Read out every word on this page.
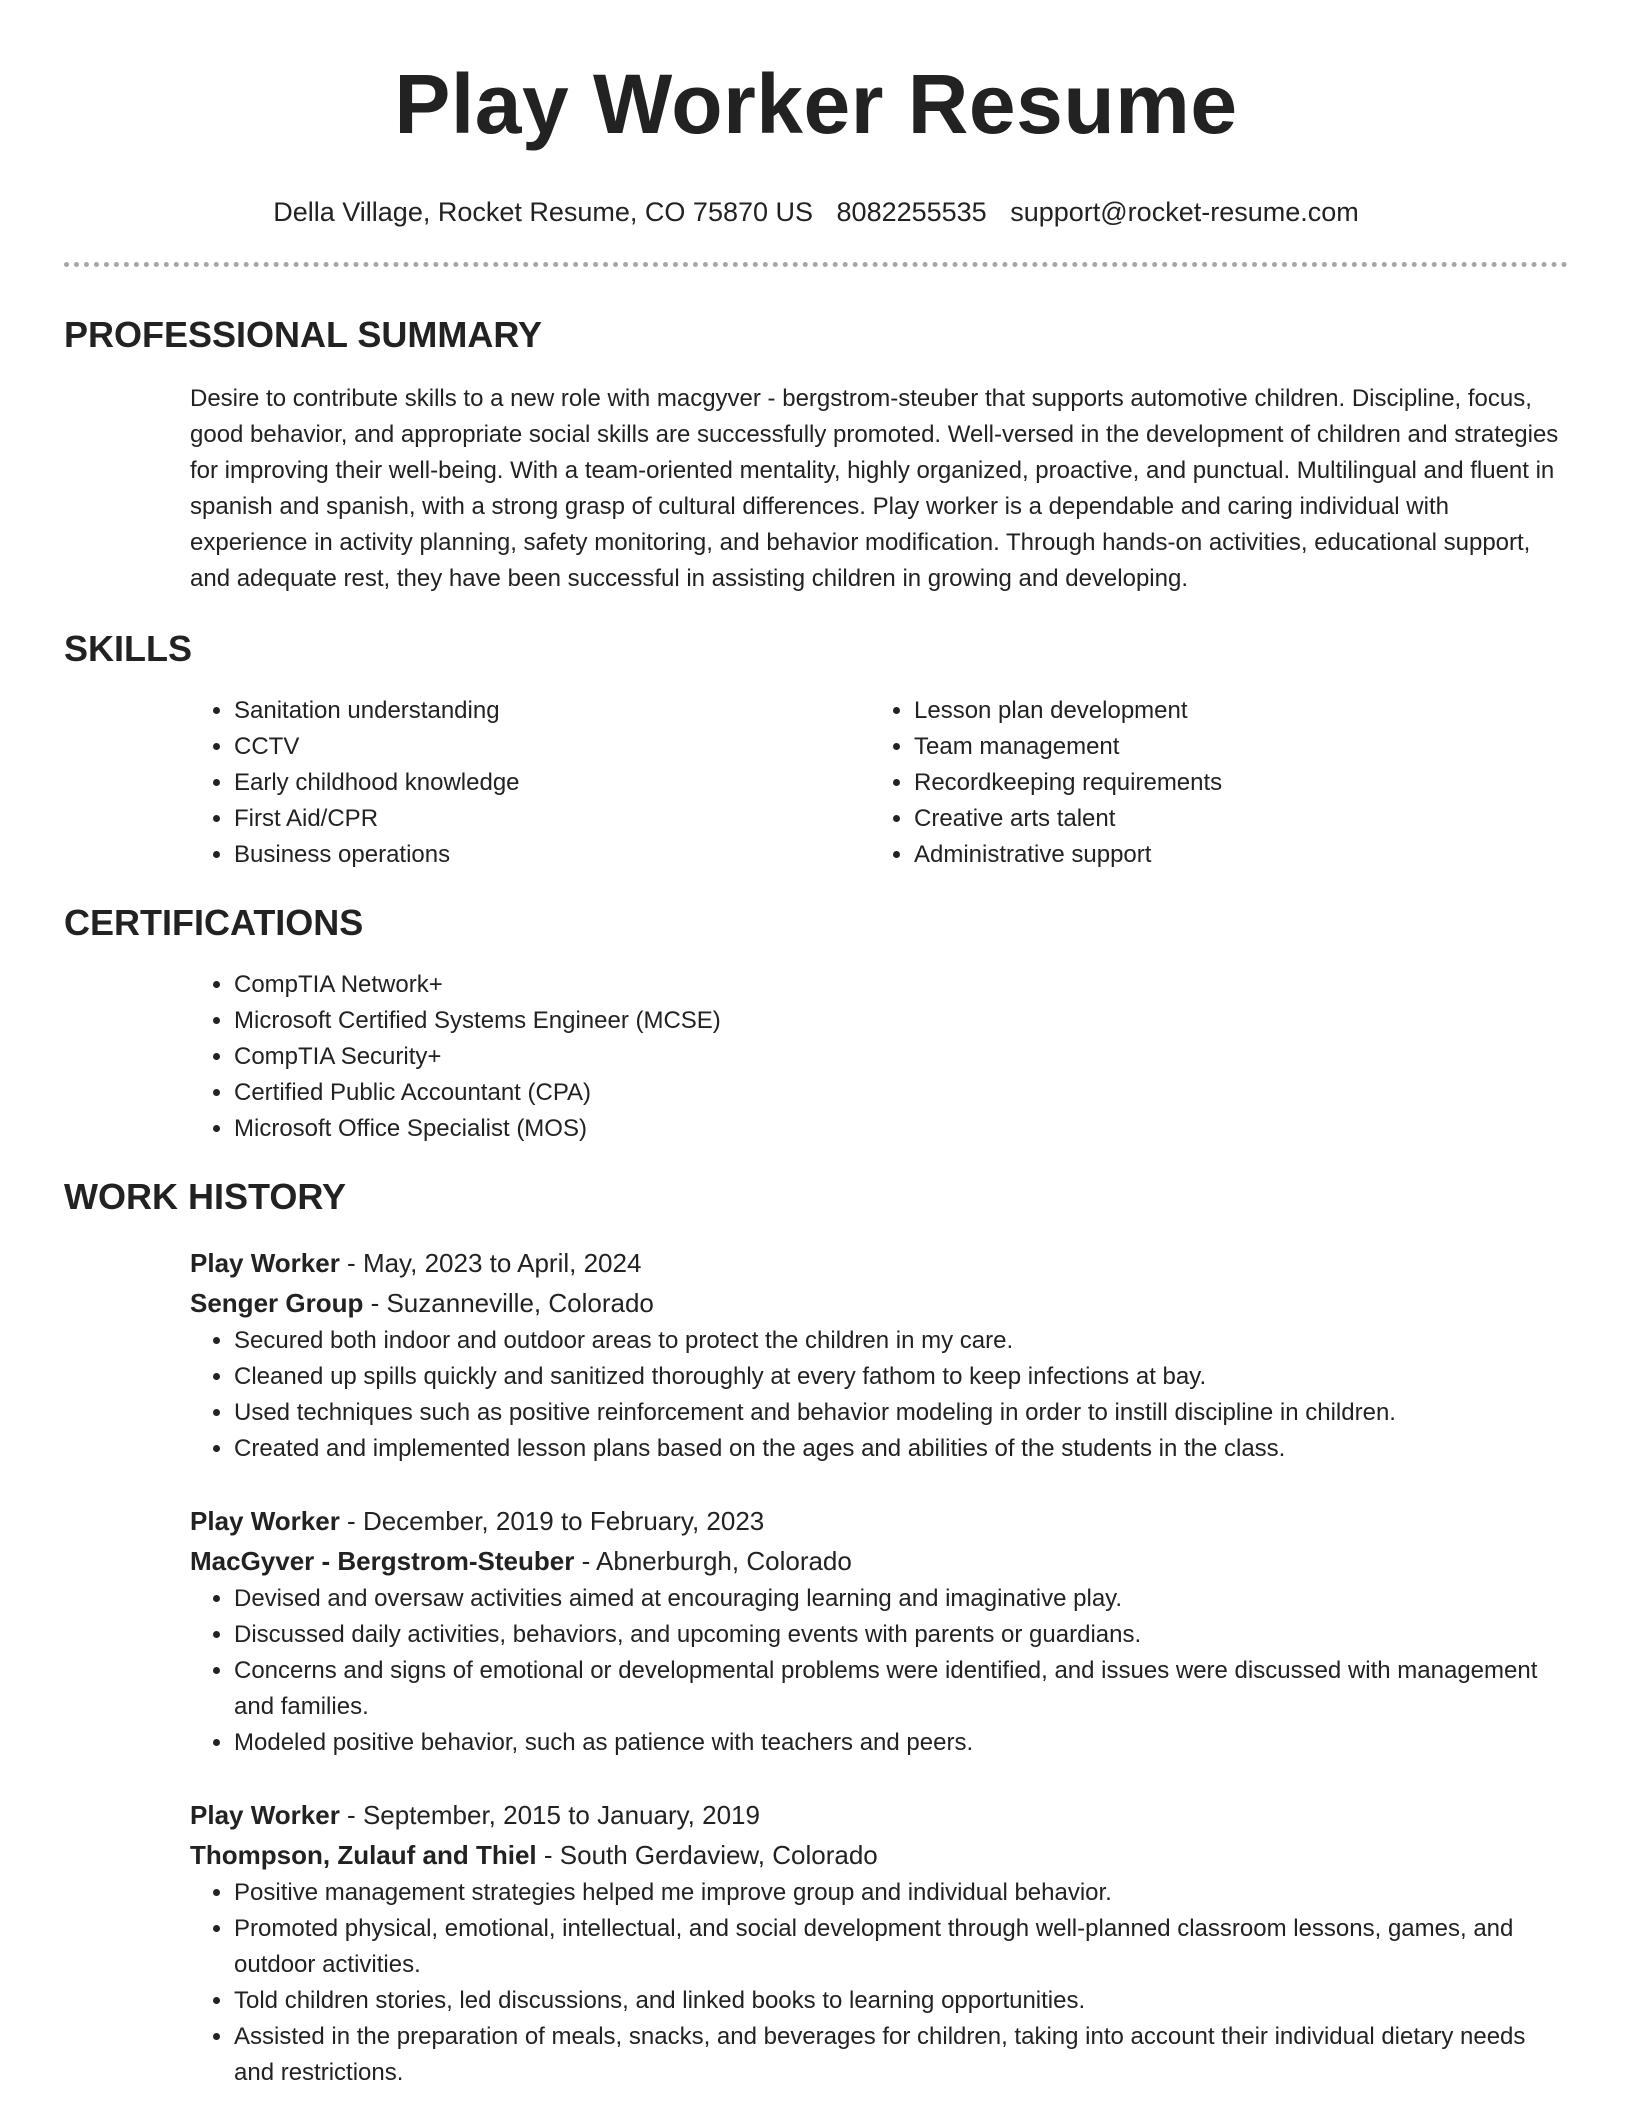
Play Worker Resume
Della Village, Rocket Resume, CO 75870 US 8082255535 support@rocket-resume.com
PROFESSIONAL SUMMARY
Desire to contribute skills to a new role with macgyver - bergstrom-steuber that supports automotive children. Discipline, focus, good behavior, and appropriate social skills are successfully promoted. Well-versed in the development of children and strategies for improving their well-being. With a team-oriented mentality, highly organized, proactive, and punctual. Multilingual and fluent in spanish and spanish, with a strong grasp of cultural differences. Play worker is a dependable and caring individual with experience in activity planning, safety monitoring, and behavior modification. Through hands-on activities, educational support, and adequate rest, they have been successful in assisting children in growing and developing.
SKILLS
• Sanitation understanding
• CCTV
• Early childhood knowledge
• First Aid/CPR
• Business operations
• Lesson plan development
• Team management
• Recordkeeping requirements
• Creative arts talent
• Administrative support
CERTIFICATIONS
• CompTIA Network+
• Microsoft Certified Systems Engineer (MCSE)
• CompTIA Security+
• Certified Public Accountant (CPA)
• Microsoft Office Specialist (MOS)
WORK HISTORY
Play Worker - May, 2023 to April, 2024
Senger Group - Suzanneville, Colorado
• Secured both indoor and outdoor areas to protect the children in my care.
• Cleaned up spills quickly and sanitized thoroughly at every fathom to keep infections at bay.
• Used techniques such as positive reinforcement and behavior modeling in order to instill discipline in children.
• Created and implemented lesson plans based on the ages and abilities of the students in the class.
Play Worker - December, 2019 to February, 2023
MacGyver - Bergstrom-Steuber - Abnerburgh, Colorado
• Devised and oversaw activities aimed at encouraging learning and imaginative play.
• Discussed daily activities, behaviors, and upcoming events with parents or guardians.
• Concerns and signs of emotional or developmental problems were identified, and issues were discussed with management and families.
• Modeled positive behavior, such as patience with teachers and peers.
Play Worker - September, 2015 to January, 2019
Thompson, Zulauf and Thiel - South Gerdaview, Colorado
• Positive management strategies helped me improve group and individual behavior.
• Promoted physical, emotional, intellectual, and social development through well-planned classroom lessons, games, and outdoor activities.
• Told children stories, led discussions, and linked books to learning opportunities.
• Assisted in the preparation of meals, snacks, and beverages for children, taking into account their individual dietary needs and restrictions.
